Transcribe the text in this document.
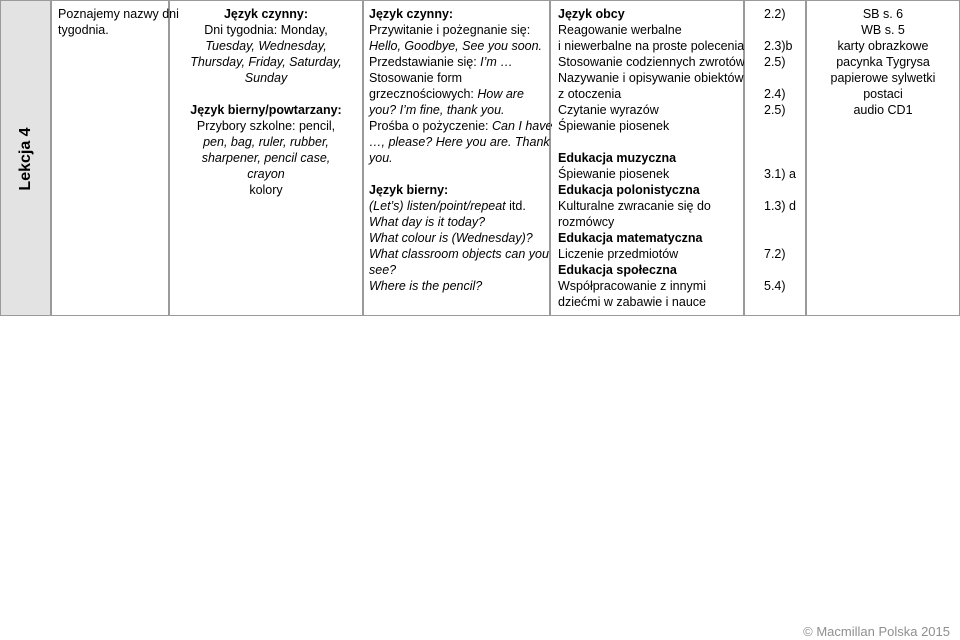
Lekcja 4
Poznajemy nazwy dni
tygodnia.
Język czynny:
Dni tygodnia: Monday,
Tuesday, Wednesday,
Thursday, Friday, Saturday,
Sunday
Język bierny/powtarzany:
Przybory szkolne: pencil,
pen, bag, ruler, rubber,
sharpener, pencil case,
crayon
kolory
Język czynny:
Przywitanie i pożegnanie się:
Hello, Goodbye, See you soon.
Przedstawianie się: I’m …
Stosowanie form
grzecznościowych: How are
you? I’m fine, thank you.
Prośba o pożyczenie: Can I have
…, please? Here you are. Thank
you.
Język bierny:
(Let’s) listen/point/repeat itd.
What day is it today?
What colour is (Wednesday)?
What classroom objects can you
see?
Where is the pencil?
Język obcy
Reagowanie werbalne
i niewerbalne na proste polecenia
Stosowanie codziennych zwrotów
Nazywanie i opisywanie obiektów
z otoczenia
Czytanie wyrazów
Śpiewanie piosenek
Edukacja muzyczna
Śpiewanie piosenek
Edukacja polonistyczna
Kulturalne zwracanie się do
rozmówcy
Edukacja matematyczna
Liczenie przedmiotów
Edukacja społeczna
Współpracowanie z innymi
dziećmi w zabawie i nauce
2.2)
2.3)b
2.5)
2.4)
2.5)
3.1) a
1.3) d
7.2)
5.4)
SB s. 6
WB s. 5
karty obrazkowe
pacynka Tygrysa
papierowe sylwetki
postaci
audio CD1
© Macmillan Polska 2015
